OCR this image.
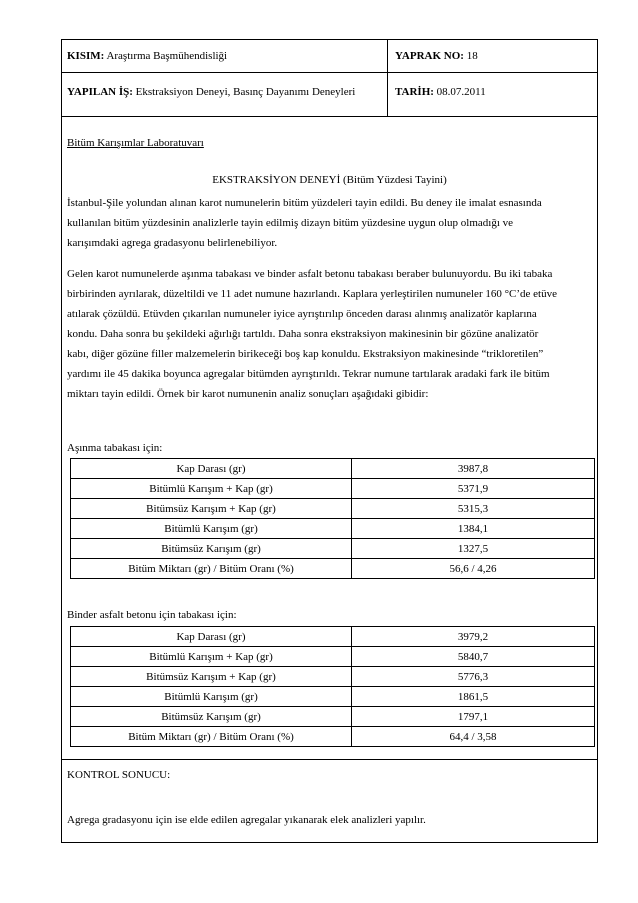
KISIM: Araştırma Başmühendisliği	YAPRAK NO: 18
YAPILAN İŞ: Ekstraksiyon Deneyi, Basınç Dayanımı Deneyleri	TARİH: 08.07.2011
Bitüm Karışımlar Laboratuvarı
EKSTRAKSİYON DENEYİ (Bitüm Yüzdesi Tayini)
İstanbul-Şile yolundan alınan karot numunelerin bitüm yüzdeleri tayin edildi. Bu deney ile imalat esnasında
kullanılan bitüm yüzdesinin analizlerle tayin edilmiş dizayn bitüm yüzdesine uygun olup olmadığı ve
karışımdaki agrega gradasyonu belirlenebiliyor.
Gelen karot numunelerde aşınma tabakası ve binder asfalt betonu tabakası beraber bulunuyordu. Bu iki tabaka
birbirinden ayrılarak, düzeltildi ve 11 adet numune hazırlandı. Kaplara yerleştirilen numuneler 160 °C’de etüve
atılarak çözüldü. Etüvden çıkarılan numuneler iyice ayrıştırılıp önceden darası alınmış analizatör kaplarına
kondu. Daha sonra bu şekildeki ağırlığı tartıldı. Daha sonra ekstraksiyon makinesinin bir gözüne analizatör
kabı, diğer gözüne filler malzemelerin birikeceği boş kap konuldu. Ekstraksiyon makinesinde “trikloretilen”
yardımı ile 45 dakika boyunca agregalar bitümden ayrıştırıldı. Tekrar numune tartılarak aradaki fark ile bitüm
miktarı tayin edildi. Örnek bir karot numunenin analiz sonuçları aşağıdaki gibidir:
Aşınma tabakası için:
Kap Darası (gr)	3987,8
Bitümlü Karışım + Kap (gr)	5371,9
Bitümsüz Karışım + Kap (gr)	5315,3
Bitümlü Karışım (gr)	1384,1
Bitümsüz Karışım (gr)	1327,5
Bitüm Miktarı (gr) / Bitüm Oranı (%)	56,6 / 4,26
Binder asfalt betonu için tabakası için:
Kap Darası (gr)	3979,2
Bitümlü Karışım + Kap (gr)	5840,7
Bitümsüz Karışım + Kap (gr)	5776,3
Bitümlü Karışım (gr)	1861,5
Bitümsüz Karışım (gr)	1797,1
Bitüm Miktarı (gr) / Bitüm Oranı (%)	64,4 / 3,58
Agrega gradasyonu için ise elde edilen agregalar yıkanarak elek analizleri yapılır.
KONTROL SONUCU:
